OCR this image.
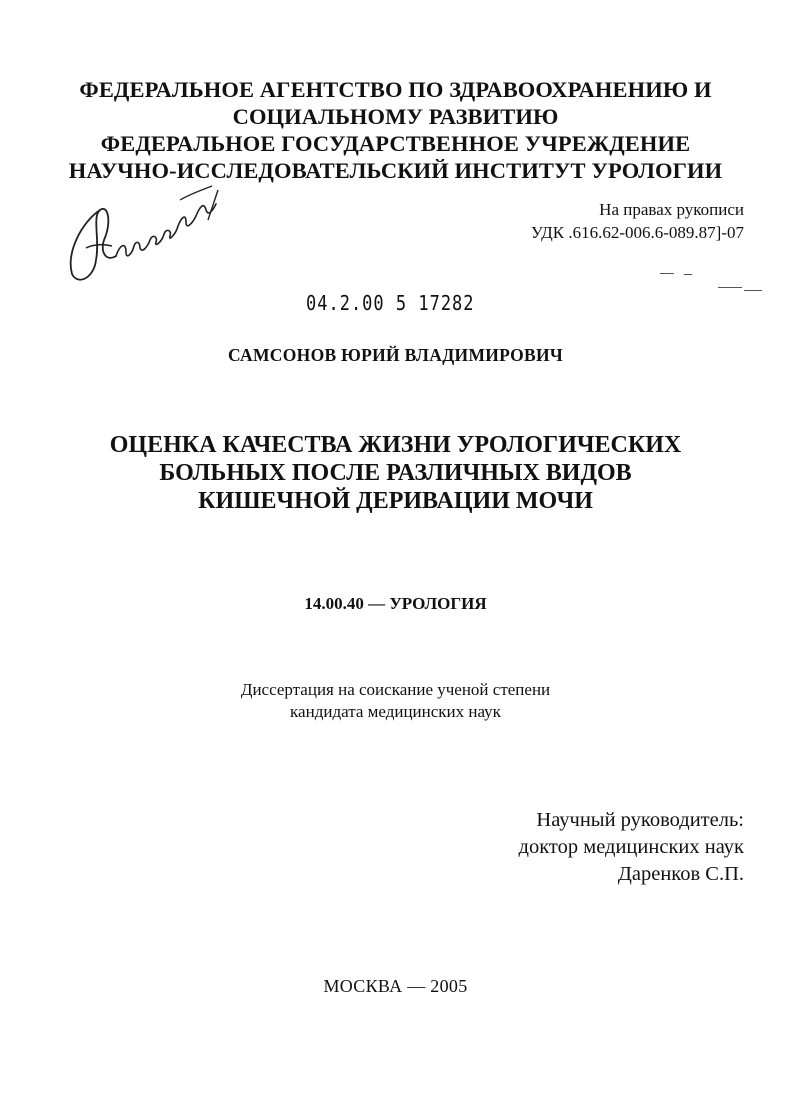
ФЕДЕРАЛЬНОЕ АГЕНТСТВО ПО ЗДРАВООХРАНЕНИЮ И
СОЦИАЛЬНОМУ РАЗВИТИЮ
ФЕДЕРАЛЬНОЕ ГОСУДАРСТВЕННОЕ УЧРЕЖДЕНИЕ
НАУЧНО-ИССЛЕДОВАТЕЛЬСКИЙ ИНСТИТУТ УРОЛОГИИ
На правах рукописи
УДК .616.62-006.6-089.87]-07
04.2.00 5 17282
САМСОНОВ ЮРИЙ ВЛАДИМИРОВИЧ
ОЦЕНКА КАЧЕСТВА ЖИЗНИ УРОЛОГИЧЕСКИХ
БОЛЬНЫХ ПОСЛЕ РАЗЛИЧНЫХ ВИДОВ
КИШЕЧНОЙ ДЕРИВАЦИИ МОЧИ
14.00.40 — УРОЛОГИЯ
Диссертация на соискание ученой степени
кандидата медицинских наук
Научный руководитель:
доктор медицинских наук
Даренков С.П.
МОСКВА — 2005
